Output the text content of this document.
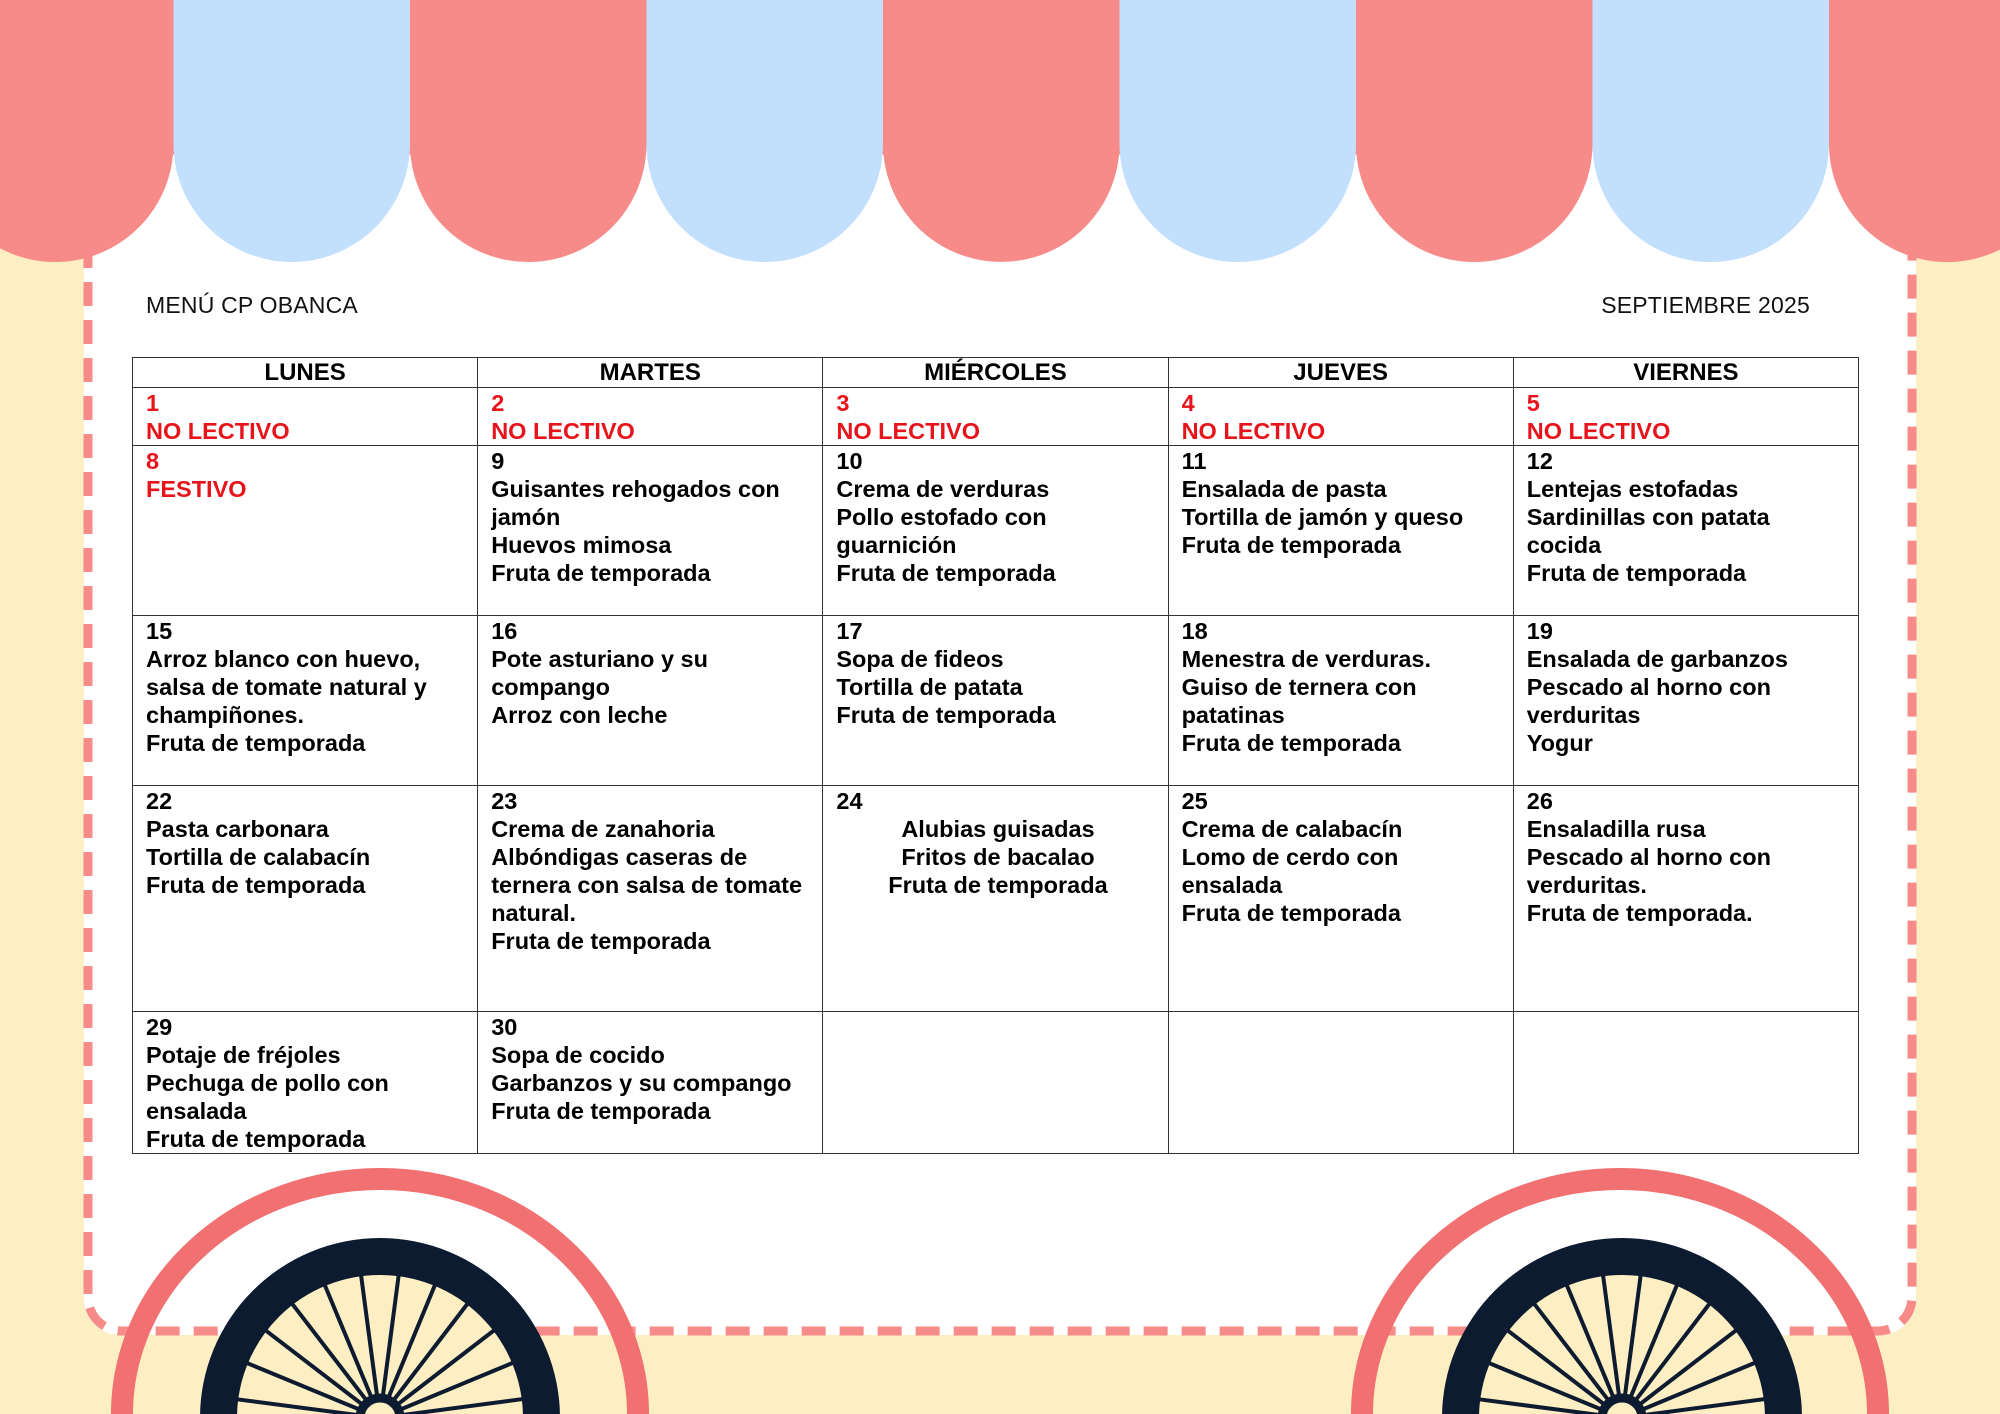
MENÚ CP OBANCA	SEPTIEMBRE 2025
LUNES	MARTES	MIÉRCOLES	JUEVES	VIERNES

1
NO LECTIVO	2
NO LECTIVO	3
NO LECTIVO	4
NO LECTIVO	5
NO LECTIVO

8
FESTIVO	9
Guisantes rehogados con jamón
Huevos mimosa
Fruta de temporada	10
Crema de verduras
Pollo estofado con guarnición
Fruta de temporada	11
Ensalada de pasta
Tortilla de jamón y queso
Fruta de temporada	12
Lentejas estofadas
Sardinillas con patata cocida
Fruta de temporada

15
Arroz blanco con huevo, salsa de tomate natural y champiñones.
Fruta de temporada	16
Pote asturiano y su compango
Arroz con leche	17
Sopa de fideos
Tortilla de patata
Fruta de temporada	18
Menestra de verduras.
Guiso de ternera con patatinas
Fruta de temporada	19
Ensalada de garbanzos
Pescado al horno con verduritas
Yogur

22
Pasta carbonara
Tortilla de calabacín
Fruta de temporada	23
Crema de zanahoria
Albóndigas caseras de ternera con salsa de tomate natural.
Fruta de temporada	24
Alubias guisadas
Fritos de bacalao
Fruta de temporada	25
Crema de calabacín
Lomo de cerdo con ensalada
Fruta de temporada	26
Ensaladilla rusa
Pescado al horno con verduritas.
Fruta de temporada.

29
Potaje de fréjoles
Pechuga de pollo con ensalada
Fruta de temporada	30
Sopa de cocido
Garbanzos y su compango
Fruta de temporada			
